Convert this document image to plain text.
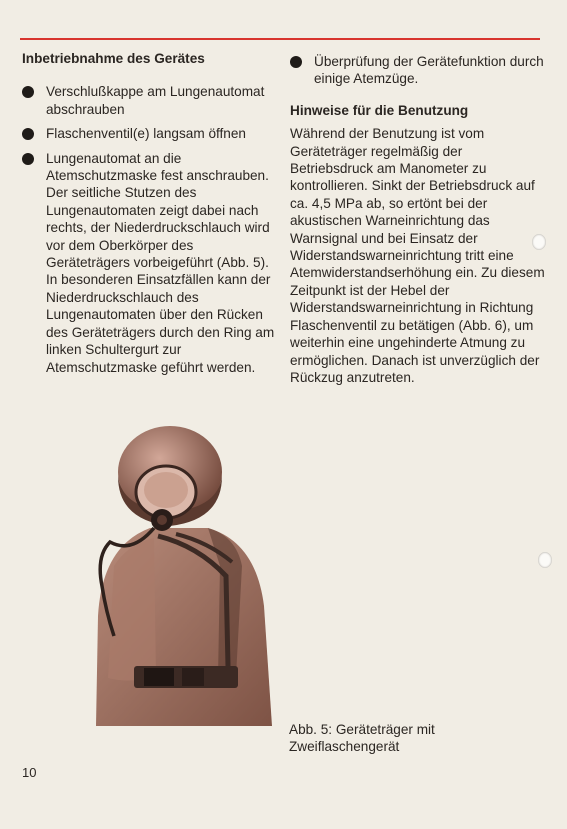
Inbetriebnahme des Gerätes
Verschlußkappe am Lungenautomat abschrauben
Flaschenventil(e) langsam öffnen
Lungenautomat an die Atemschutzmaske fest anschrauben. Der seitliche Stutzen des Lungenautomaten zeigt dabei nach rechts, der Niederdruckschlauch wird vor dem Oberkörper des Geräteträgers vorbeigeführt (Abb. 5). In besonderen Einsatzfällen kann der Niederdruckschlauch des Lungenautomaten über den Rücken des Geräteträgers durch den Ring am linken Schultergurt zur Atemschutzmaske geführt werden.
Überprüfung der Gerätefunktion durch einige Atemzüge.
Hinweise für die Benutzung

Während der Benutzung ist vom Geräteträger regelmäßig der Betriebsdruck am Manometer zu kontrollieren. Sinkt der Betriebsdruck auf ca. 4,5 MPa ab, so ertönt bei der akustischen Warneinrichtung das Warnsignal und bei Einsatz der Widerstandswarneinrichtung tritt eine Atemwiderstandserhöhung ein. Zu diesem Zeitpunkt ist der Hebel der Widerstandswarneinrichtung in Richtung Flaschenventil zu betätigen (Abb. 6), um weiterhin eine ungehinderte Atmung zu ermöglichen. Danach ist unverzüglich der Rückzug anzutreten.

Abb. 5: Geräteträger mit Zweiflaschengerät
10
